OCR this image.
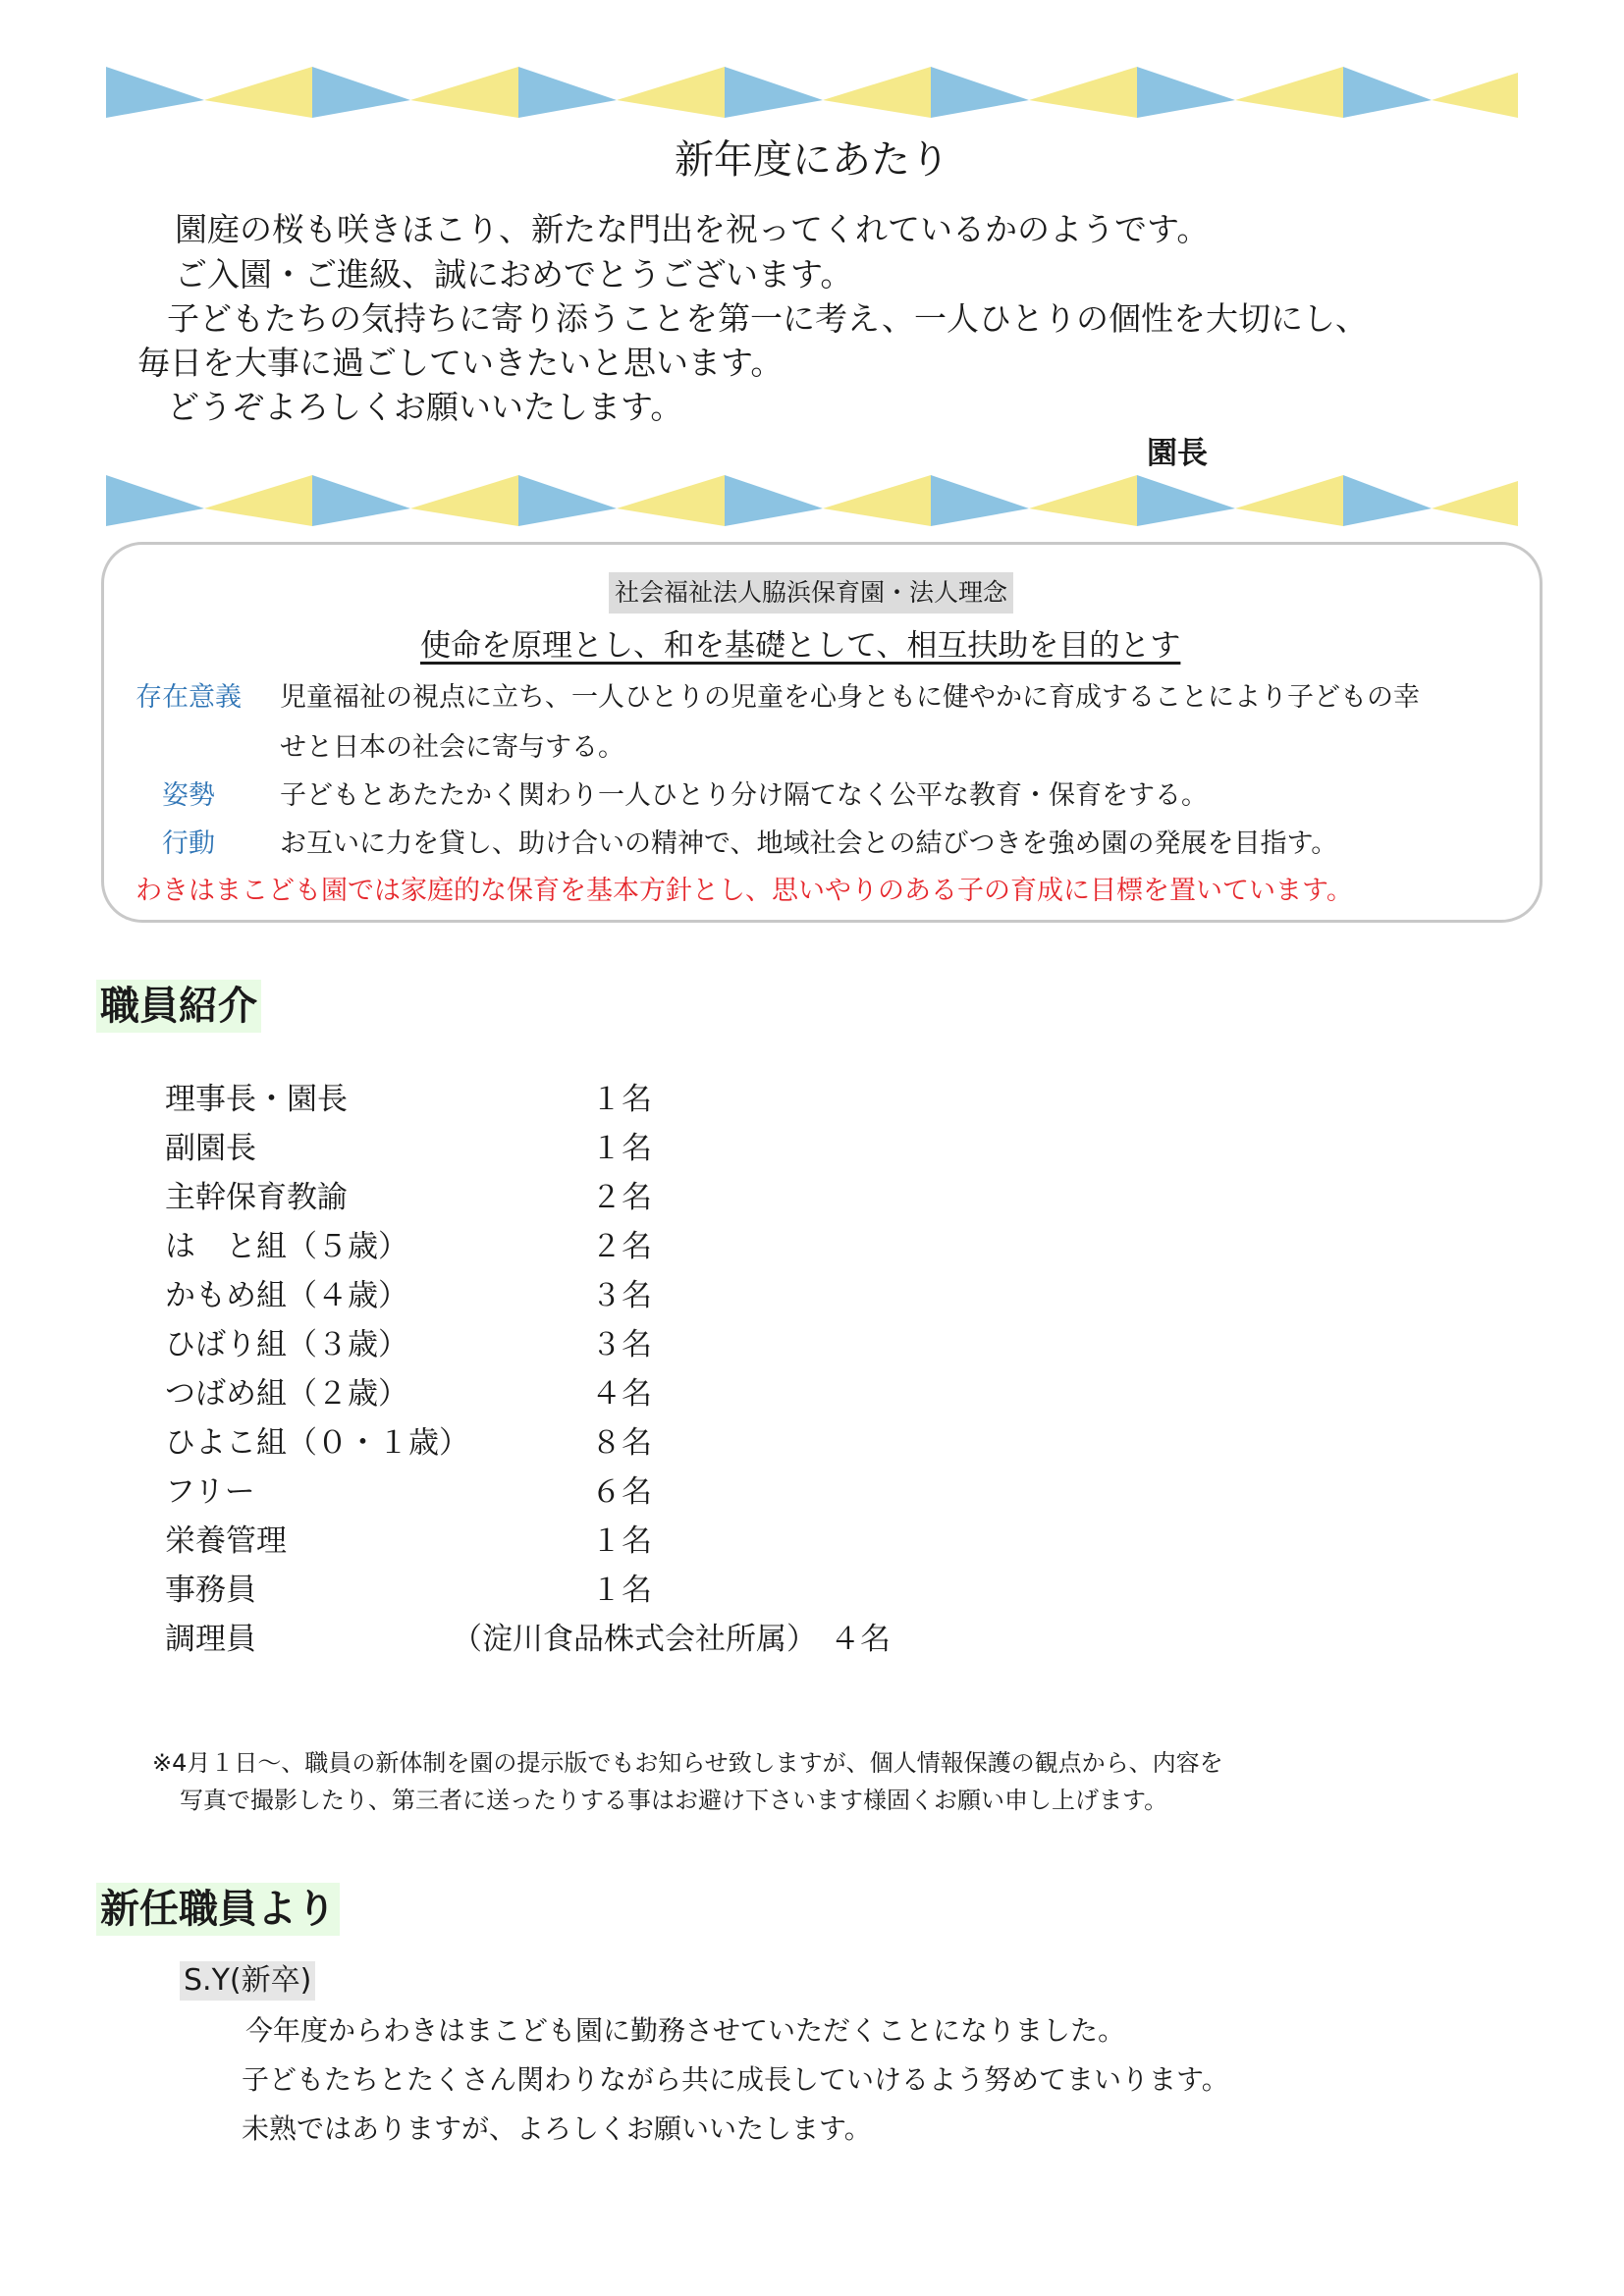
新年度にあたり
園庭の桜も咲きほこり、新たな門出を祝ってくれているかのようです。
ご入園・ご進級、誠におめでとうございます。
子どもたちの気持ちに寄り添うことを第一に考え、一人ひとりの個性を大切にし、
毎日を大事に過ごしていきたいと思います。
どうぞよろしくお願いいたします。
園長
社会福祉法人脇浜保育園・法人理念
使命を原理とし、和を基礎として、相互扶助を目的とす
存在意義 児童福祉の視点に立ち、一人ひとりの児童を心身ともに健やかに育成することにより子どもの幸
せと日本の社会に寄与する。
姿勢 子どもとあたたかく関わり一人ひとり分け隔てなく公平な教育・保育をする。
行動 お互いに力を貸し、助け合いの精神で、地域社会との結びつきを強め園の発展を目指す。
わきはまこども園では家庭的な保育を基本方針とし、思いやりのある子の育成に目標を置いています。
職員紹介
理事長・園長	１名
副園長	１名
主幹保育教諭	２名
は　と組（５歳）	２名
かもめ組（４歳）	３名
ひばり組（３歳）	３名
つばめ組（２歳）	４名
ひよこ組（０・１歳）	８名
フリー	６名
栄養管理	１名
事務員	１名
調理員	（淀川食品株式会社所属） ４名
※4月１日～、職員の新体制を園の提示版でもお知らせ致しますが、個人情報保護の観点から、内容を
写真で撮影したり、第三者に送ったりする事はお避け下さいます様固くお願い申し上げます。
新任職員より
S.Y(新卒)
今年度からわきはまこども園に勤務させていただくことになりました。
子どもたちとたくさん関わりながら共に成長していけるよう努めてまいります。
未熟ではありますが、よろしくお願いいたします。
